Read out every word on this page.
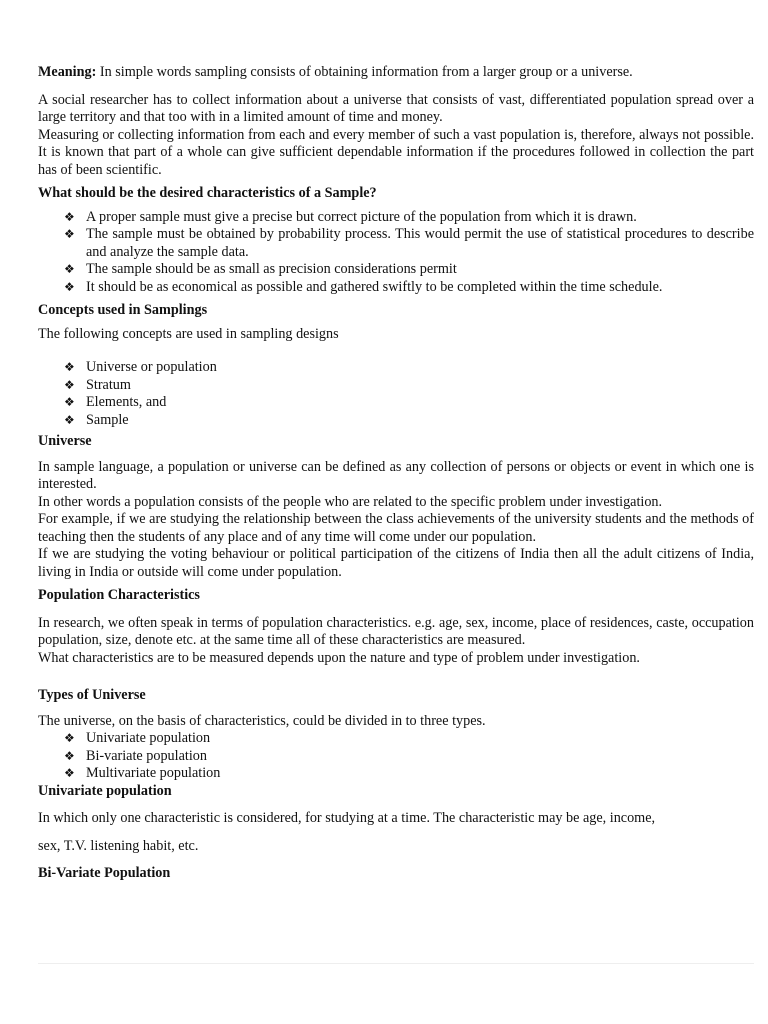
Meaning: In simple words sampling consists of obtaining information from a larger group or a universe.

A social researcher has to collect information about a universe that consists of vast, differentiated population spread over a large territory and that too with in a limited amount of time and money.

Measuring or collecting information from each and every member of such a vast population is, therefore, always not possible. It is known that part of a whole can give sufficient dependable information if the procedures followed in collection the part has of been scientific.

What should be the desired characteristics of a Sample?
❖ A proper sample must give a precise but correct picture of the population from which it is drawn.
❖ The sample must be obtained by probability process. This would permit the use of statistical procedures to describe and analyze the sample data.
❖ The sample should be as small as precision considerations permit
❖ It should be as economical as possible and gathered swiftly to be completed within the time schedule.
Concepts used in Samplings

The following concepts are used in sampling designs

❖ Universe or population
❖ Stratum
❖ Elements, and
❖ Sample
Universe

In sample language, a population or universe can be defined as any collection of persons or objects or event in which one is interested.

In other words a population consists of the people who are related to the specific problem under investigation.

For example, if we are studying the relationship between the class achievements of the university students and the methods of teaching then the students of any place and of any time will come under our population.

If we are studying the voting behaviour or political participation of the citizens of India then all the adult citizens of India, living in India or outside will come under population.

Population Characteristics

In research, we often speak in terms of population characteristics. e.g. age, sex, income, place of residences, caste, occupation population, size, denote etc. at the same time all of these characteristics are measured.

What characteristics are to be measured depends upon the nature and type of problem under investigation.

Types of Universe

The universe, on the basis of characteristics, could be divided in to three types.

❖ Univariate population
❖ Bi-variate population
❖ Multivariate population
Univariate population

In which only one characteristic is considered, for studying at a time. The characteristic may be age, income,

sex, T.V. listening habit, etc.

Bi-Variate Population
